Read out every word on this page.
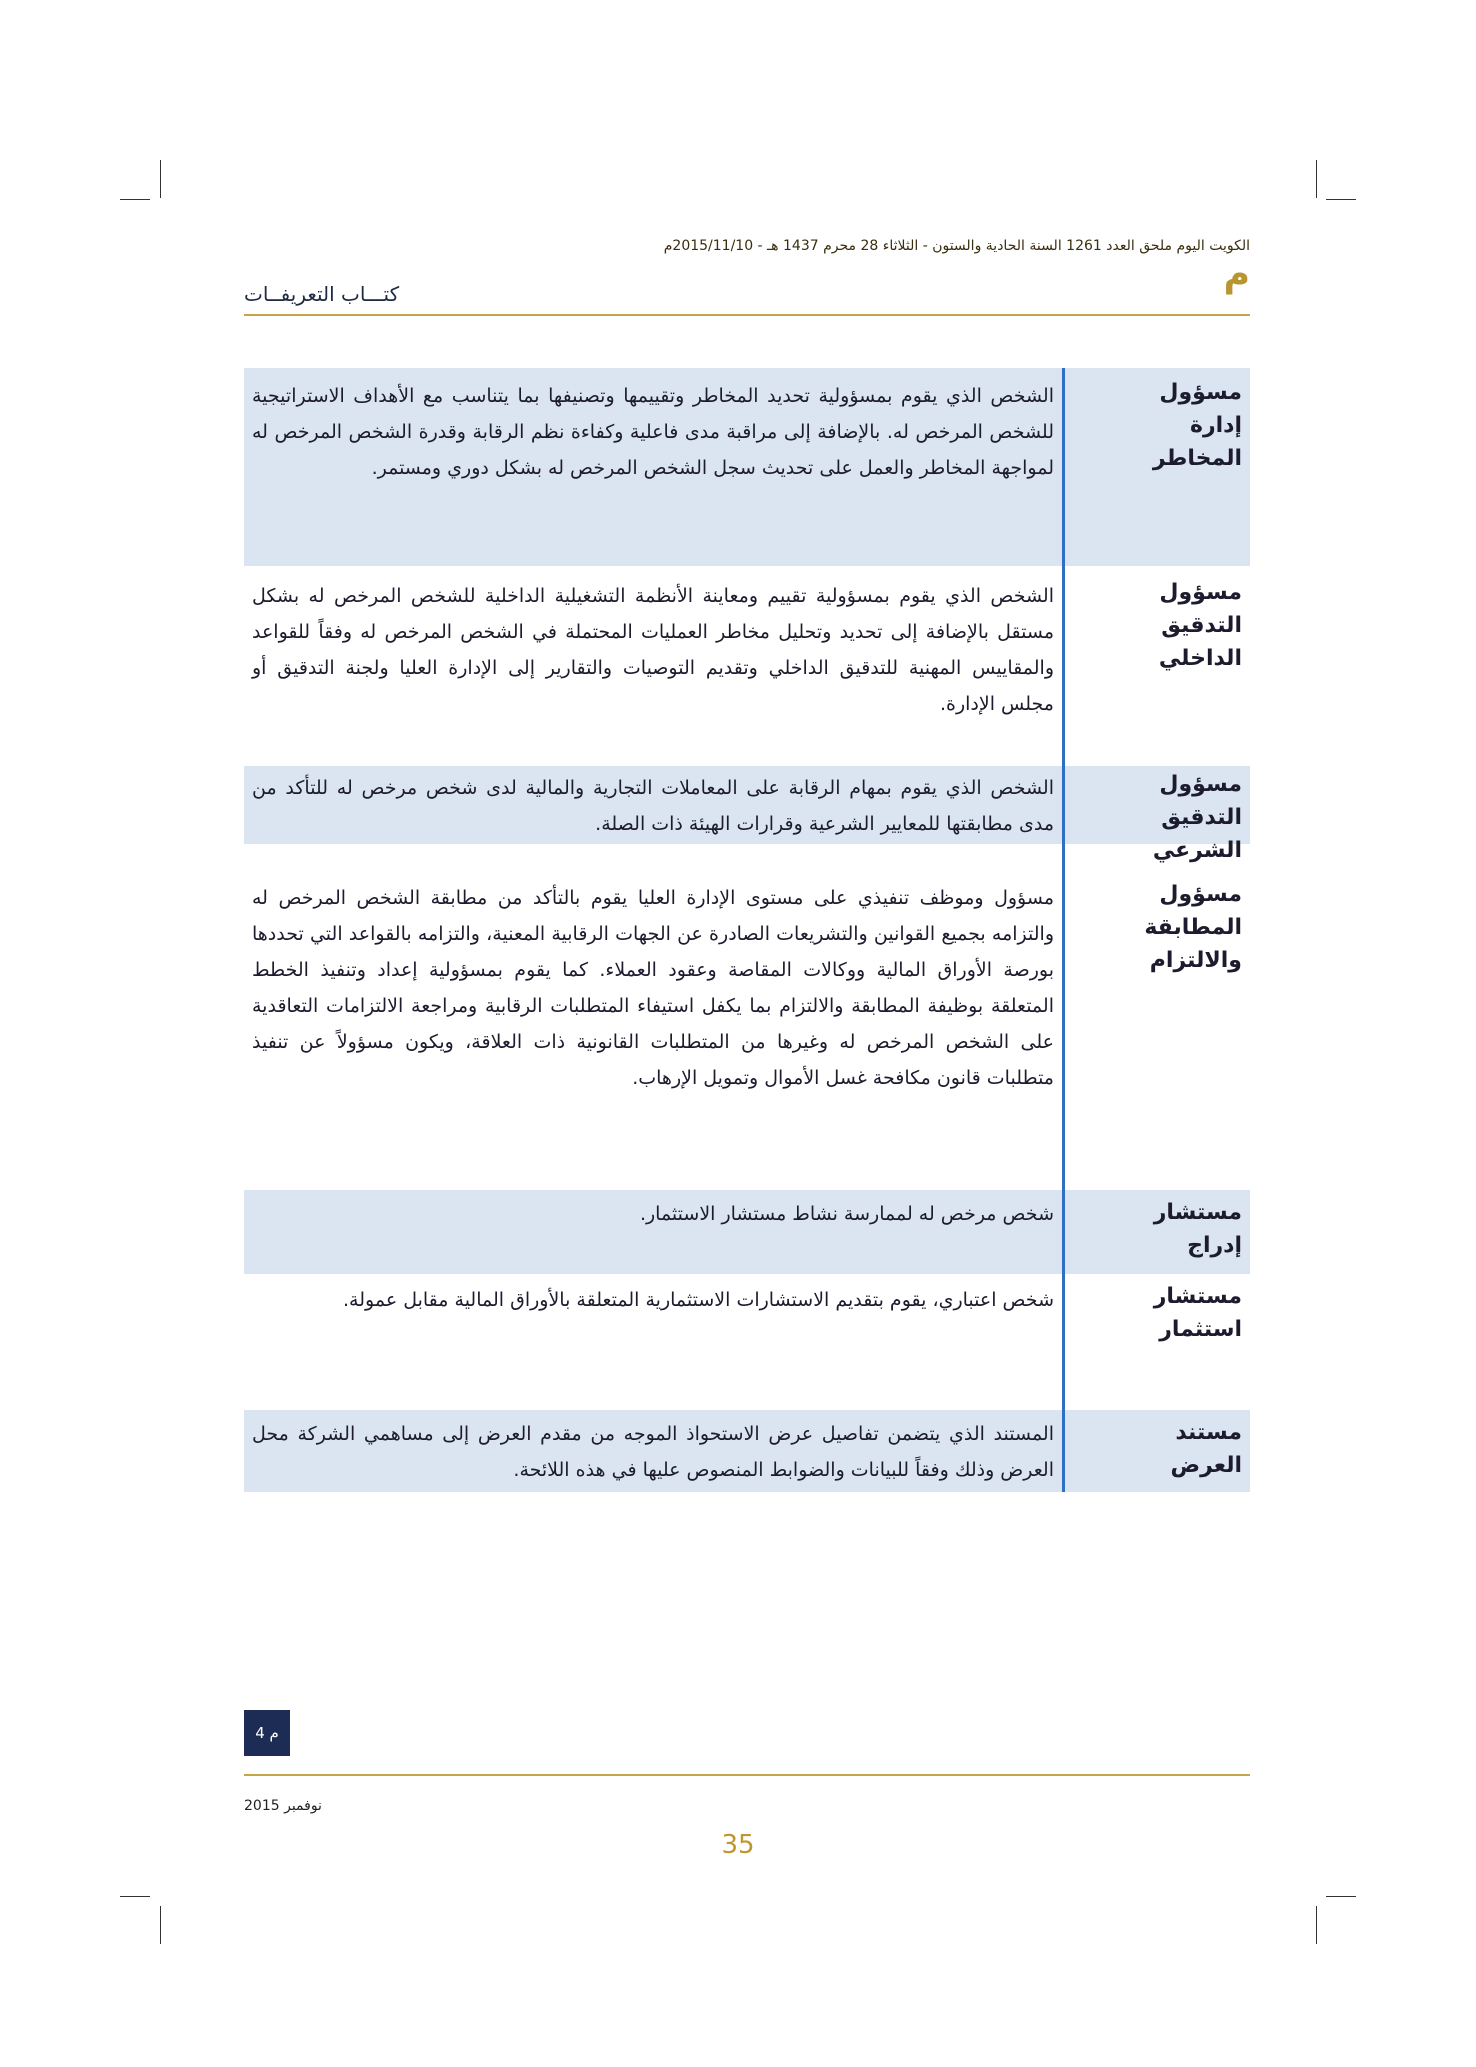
الكويت اليوم ملحق العدد 1261 السنة الحادية والستون - الثلاثاء 28 محرم 1437 هـ - 2015/11/10م
م
كتـــاب التعريفــات
مسؤول إدارة المخاطر
الشخص الذي يقوم بمسؤولية تحديد المخاطر وتقييمها وتصنيفها بما يتناسب مع الأهداف الاستراتيجية للشخص المرخص له. بالإضافة إلى مراقبة مدى فاعلية وكفاءة نظم الرقابة وقدرة الشخص المرخص له لمواجهة المخاطر والعمل على تحديث سجل الشخص المرخص له بشكل دوري ومستمر.
مسؤول التدقيق الداخلي
الشخص الذي يقوم بمسؤولية تقييم ومعاينة الأنظمة التشغيلية الداخلية للشخص المرخص له بشكل مستقل بالإضافة إلى تحديد وتحليل مخاطر العمليات المحتملة في الشخص المرخص له وفقاً للقواعد والمقاييس المهنية للتدقيق الداخلي وتقديم التوصيات والتقارير إلى الإدارة العليا ولجنة التدقيق أو مجلس الإدارة.
مسؤول التدقيق الشرعي
الشخص الذي يقوم بمهام الرقابة على المعاملات التجارية والمالية لدى شخص مرخص له للتأكد من مدى مطابقتها للمعايير الشرعية وقرارات الهيئة ذات الصلة.
مسؤول المطابقة والالتزام
مسؤول وموظف تنفيذي على مستوى الإدارة العليا يقوم بالتأكد من مطابقة الشخص المرخص له والتزامه بجميع القوانين والتشريعات الصادرة عن الجهات الرقابية المعنية، والتزامه بالقواعد التي تحددها بورصة الأوراق المالية ووكالات المقاصة وعقود العملاء. كما يقوم بمسؤولية إعداد وتنفيذ الخطط المتعلقة بوظيفة المطابقة والالتزام بما يكفل استيفاء المتطلبات الرقابية ومراجعة الالتزامات التعاقدية على الشخص المرخص له وغيرها من المتطلبات القانونية ذات العلاقة، ويكون مسؤولاً عن تنفيذ متطلبات قانون مكافحة غسل الأموال وتمويل الإرهاب.
مستشار إدراج
شخص مرخص له لممارسة نشاط مستشار الاستثمار.
مستشار استثمار
شخص اعتباري، يقوم بتقديم الاستشارات الاستثمارية المتعلقة بالأوراق المالية مقابل عمولة.
مستند العرض
المستند الذي يتضمن تفاصيل عرض الاستحواذ الموجه من مقدم العرض إلى مساهمي الشركة محل العرض وذلك وفقاً للبيانات والضوابط المنصوص عليها في هذه اللائحة.
م 4
نوفمبر 2015
35
